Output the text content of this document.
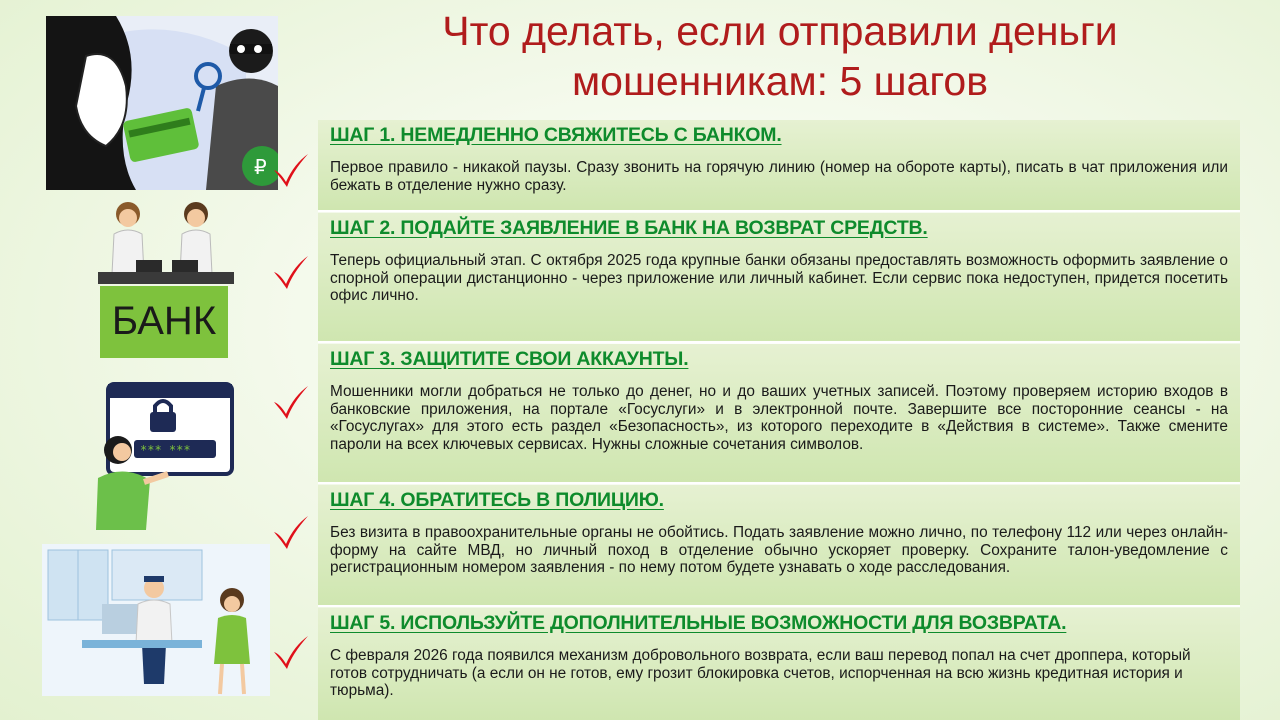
Что делать, если отправили деньги
мошенникам: 5 шагов
₽
БАНК
*** ***
ШАГ 1. НЕМЕДЛЕННО СВЯЖИТЕСЬ С БАНКОМ.
Первое правило - никакой паузы. Сразу звонить на горячую линию (номер на обороте карты), писать в чат приложения или бежать в отделение нужно сразу.
ШАГ 2. ПОДАЙТЕ ЗАЯВЛЕНИЕ В БАНК НА ВОЗВРАТ СРЕДСТВ.
Теперь официальный этап. С октября 2025 года крупные банки обязаны предоставлять возможность оформить заявление о спорной операции дистанционно - через приложение или личный кабинет. Если сервис пока недоступен, придется посетить офис лично.
ШАГ 3. ЗАЩИТИТЕ СВОИ АККАУНТЫ.
Мошенники могли добраться не только до денег, но и до ваших учетных записей. Поэтому проверяем историю входов в банковские приложения, на портале «Госуслуги» и в электронной почте. Завершите все посторонние сеансы - на «Госуслугах» для этого есть раздел «Безопасность», из которого переходите в «Действия в системе». Также смените пароли на всех ключевых сервисах. Нужны сложные сочетания символов.
ШАГ 4. ОБРАТИТЕСЬ В ПОЛИЦИЮ.
Без визита в правоохранительные органы не обойтись. Подать заявление можно лично, по телефону 112 или через онлайн-форму на сайте МВД, но личный поход в отделение обычно ускоряет проверку. Сохраните талон-уведомление с регистрационным номером заявления - по нему потом будете узнавать о ходе расследования.
ШАГ 5. ИСПОЛЬЗУЙТЕ ДОПОЛНИТЕЛЬНЫЕ ВОЗМОЖНОСТИ ДЛЯ ВОЗВРАТА.
С февраля 2026 года появился механизм добровольного возврата, если ваш перевод попал на счет дроппера, который готов сотрудничать (а если он не готов, ему грозит блокировка счетов, испорченная на всю жизнь кредитная история и тюрьма).
